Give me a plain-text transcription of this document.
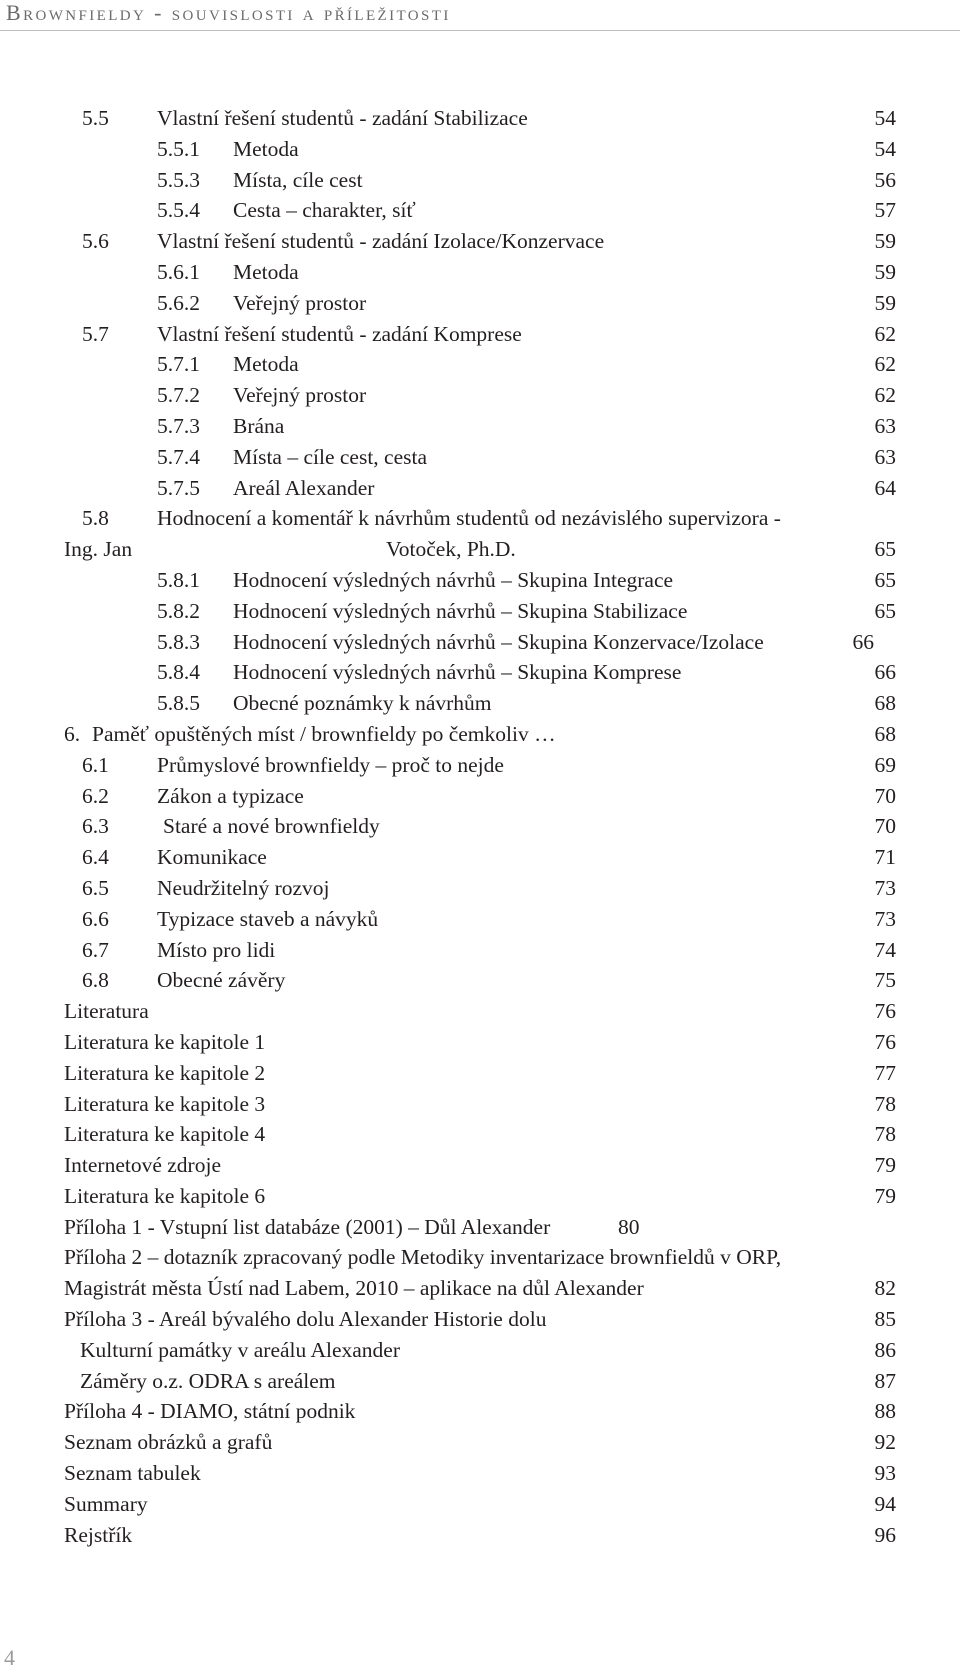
Brownfieldy - souvislosti a příležitosti
5.5 Vlastní řešení studentů - zadání Stabilizace	54
5.5.1 Metoda	54
5.5.3 Místa, cíle cest	56
5.5.4 Cesta – charakter, síť	57
5.6 Vlastní řešení studentů - zadání Izolace/Konzervace	59
5.6.1 Metoda	59
5.6.2 Veřejný prostor	59
5.7 Vlastní řešení studentů - zadání Komprese	62
5.7.1 Metoda	62
5.7.2 Veřejný prostor	62
5.7.3 Brána	63
5.7.4 Místa – cíle cest, cesta	63
5.7.5 Areál Alexander	64
5.8 Hodnocení a komentář k návrhům studentů od nezávislého supervizora -
Ing. Jan	Votoček, Ph.D.	65
5.8.1 Hodnocení výsledných návrhů – Skupina Integrace	65
5.8.2 Hodnocení výsledných návrhů – Skupina Stabilizace	65
5.8.3 Hodnocení výsledných návrhů – Skupina Konzervace/Izolace	66
5.8.4 Hodnocení výsledných návrhů – Skupina Komprese	66
5.8.5 Obecné poznámky k návrhům	68
6. Paměť opuštěných míst / brownfieldy po čemkoliv …	68
6.1 Průmyslové brownfieldy – proč to nejde	69
6.2 Zákon a typizace	70
6.3	Staré a nové brownfieldy	70
6.4 Komunikace	71
6.5 Neudržitelný rozvoj	73
6.6 Typizace staveb a návyků	73
6.7 Místo pro lidi	74
6.8 Obecné závěry	75
Literatura	76
Literatura ke kapitole 1	76
Literatura ke kapitole 2	77
Literatura ke kapitole 3	78
Literatura ke kapitole 4	78
Internetové zdroje	79
Literatura ke kapitole 6	79
Příloha 1 - Vstupní list databáze (2001) – Důl Alexander	80
Příloha 2 – dotazník zpracovaný podle Metodiky inventarizace brownfieldů v ORP,
Magistrát města Ústí nad Labem, 2010 – aplikace na důl Alexander	82
Příloha 3 - Areál bývalého dolu Alexander Historie dolu	85
Kulturní památky v areálu Alexander	86
Záměry o.z. ODRA s areálem	87
Příloha 4 - DIAMO, státní podnik	88
Seznam obrázků a grafů	92
Seznam tabulek	93
Summary	94
Rejstřík	96
4
